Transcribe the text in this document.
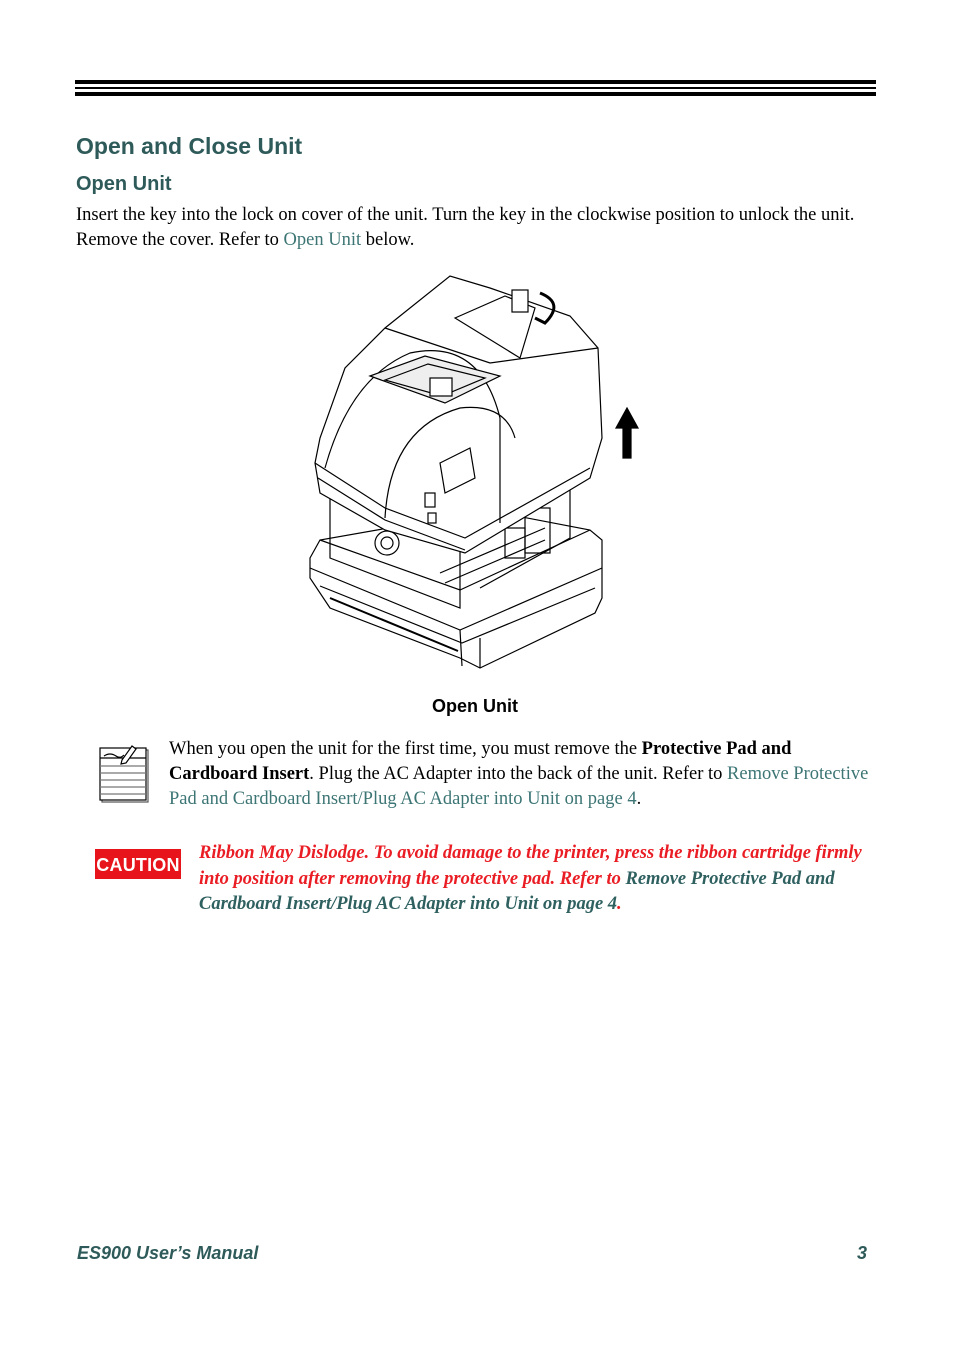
Open and Close Unit
Open Unit

Insert the key into the lock on cover of the unit. Turn the key in the clockwise position to unlock the unit. Remove the cover. Refer to Open Unit below.

Open Unit

When you open the unit for the first time, you must remove the Protective Pad and Cardboard Insert. Plug the AC Adapter into the back of the unit. Refer to Remove Protective Pad and Cardboard Insert/Plug AC Adapter into Unit on page 4.

CAUTION

Ribbon May Dislodge. To avoid damage to the printer, press the ribbon cartridge firmly into position after removing the protective pad. Refer to Remove Protective Pad and Cardboard Insert/Plug AC Adapter into Unit on page 4.

ES900 User’s Manual	3
